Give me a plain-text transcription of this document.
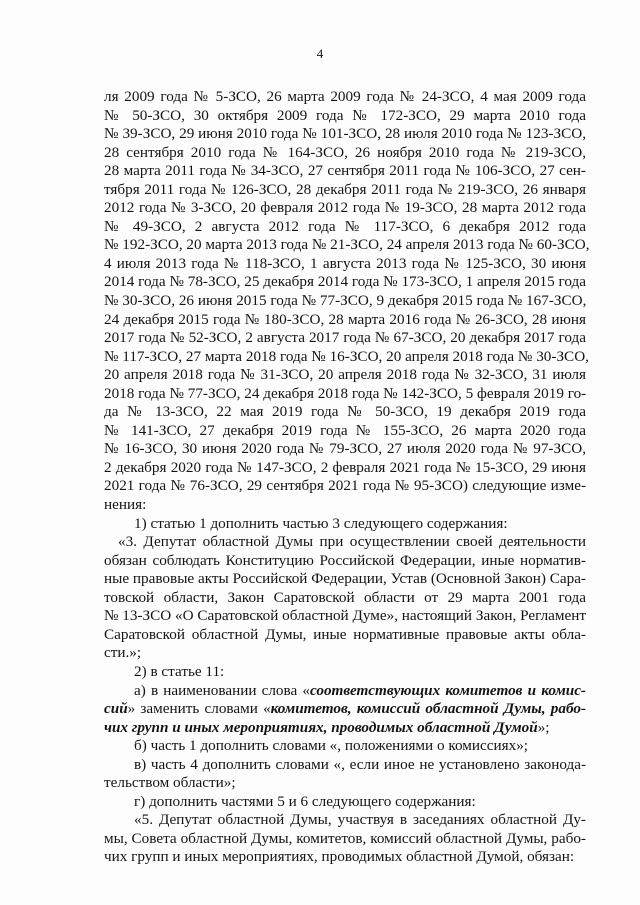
4
ля 2009 года № 5-ЗСО, 26 марта 2009 года № 24-ЗСО, 4 мая 2009 года
№ 50-ЗСО, 30 октября 2009 года № 172-ЗСО, 29 марта 2010 года
№ 39-ЗСО, 29 июня 2010 года № 101-ЗСО, 28 июля 2010 года № 123-ЗСО,
28 сентября 2010 года № 164-ЗСО, 26 ноября 2010 года № 219-ЗСО,
28 марта 2011 года № 34-ЗСО, 27 сентября 2011 года № 106-ЗСО, 27 сен-
тября 2011 года № 126-ЗСО, 28 декабря 2011 года № 219-ЗСО, 26 января
2012 года № 3-ЗСО, 20 февраля 2012 года № 19-ЗСО, 28 марта 2012 года
№ 49-ЗСО, 2 августа 2012 года № 117-ЗСО, 6 декабря 2012 года
№ 192-ЗСО, 20 марта 2013 года № 21-ЗСО, 24 апреля 2013 года № 60-ЗСО,
4 июля 2013 года № 118-ЗСО, 1 августа 2013 года № 125-ЗСО, 30 июня
2014 года № 78-ЗСО, 25 декабря 2014 года № 173-ЗСО, 1 апреля 2015 года
№ 30-ЗСО, 26 июня 2015 года № 77-ЗСО, 9 декабря 2015 года № 167-ЗСО,
24 декабря 2015 года № 180-ЗСО, 28 марта 2016 года № 26-ЗСО, 28 июня
2017 года № 52-ЗСО, 2 августа 2017 года № 67-ЗСО, 20 декабря 2017 года
№ 117-ЗСО, 27 марта 2018 года № 16-ЗСО, 20 апреля 2018 года № 30-ЗСО,
20 апреля 2018 года № 31-ЗСО, 20 апреля 2018 года № 32-ЗСО, 31 июля
2018 года № 77-ЗСО, 24 декабря 2018 года № 142-ЗСО, 5 февраля 2019 го-
да № 13-ЗСО, 22 мая 2019 года № 50-ЗСО, 19 декабря 2019 года
№ 141-ЗСО, 27 декабря 2019 года № 155-ЗСО, 26 марта 2020 года
№ 16-ЗСО, 30 июня 2020 года № 79-ЗСО, 27 июля 2020 года № 97-ЗСО,
2 декабря 2020 года № 147-ЗСО, 2 февраля 2021 года № 15-ЗСО, 29 июня
2021 года № 76-ЗСО, 29 сентября 2021 года № 95-ЗСО) следующие изме-
нения:
1) статью 1 дополнить частью 3 следующего содержания:
«3. Депутат областной Думы при осуществлении своей деятельности
обязан соблюдать Конституцию Российской Федерации, иные норматив-
ные правовые акты Российской Федерации, Устав (Основной Закон) Сара-
товской области, Закон Саратовской области от 29 марта 2001 года
№ 13-ЗСО «О Саратовской областной Думе», настоящий Закон, Регламент
Саратовской областной Думы, иные нормативные правовые акты обла-
сти.»;
2) в статье 11:
а) в наименовании слова «соответствующих комитетов и комис-
сий» заменить словами «комитетов, комиссий областной Думы, рабо-
чих групп и иных мероприятиях, проводимых областной Думой»;
б) часть 1 дополнить словами «, положениями о комиссиях»;
в) часть 4 дополнить словами «, если иное не установлено законода-
тельством области»;
г) дополнить частями 5 и 6 следующего содержания:
«5. Депутат областной Думы, участвуя в заседаниях областной Ду-
мы, Совета областной Думы, комитетов, комиссий областной Думы, рабо-
чих групп и иных мероприятиях, проводимых областной Думой, обязан:
